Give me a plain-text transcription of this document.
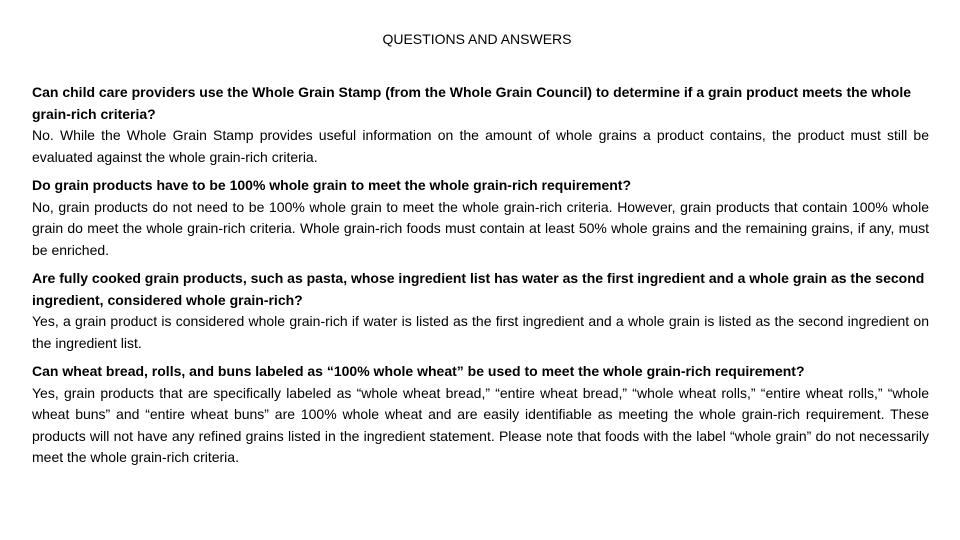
QUESTIONS AND ANSWERS

Can child care providers use the Whole Grain Stamp (from the Whole Grain Council) to determine if a grain product meets the whole grain-rich criteria?

No. While the Whole Grain Stamp provides useful information on the amount of whole grains a product contains, the product must still be evaluated against the whole grain-rich criteria.

Do grain products have to be 100% whole grain to meet the whole grain-rich requirement?

No, grain products do not need to be 100% whole grain to meet the whole grain-rich criteria. However, grain products that contain 100% whole grain do meet the whole grain-rich criteria. Whole grain-rich foods must contain at least 50% whole grains and the remaining grains, if any, must be enriched.

Are fully cooked grain products, such as pasta, whose ingredient list has water as the first ingredient and a whole grain as the second ingredient, considered whole grain-rich?

Yes, a grain product is considered whole grain-rich if water is listed as the first ingredient and a whole grain is listed as the second ingredient on the ingredient list.

Can wheat bread, rolls, and buns labeled as “100% whole wheat” be used to meet the whole grain-rich requirement?

Yes, grain products that are specifically labeled as “whole wheat bread,” “entire wheat bread,” “whole wheat rolls,” “entire wheat rolls,” “whole wheat buns” and “entire wheat buns” are 100% whole wheat and are easily identifiable as meeting the whole grain-rich requirement. These products will not have any refined grains listed in the ingredient statement. Please note that foods with the label “whole grain” do not necessarily meet the whole grain-rich criteria.
